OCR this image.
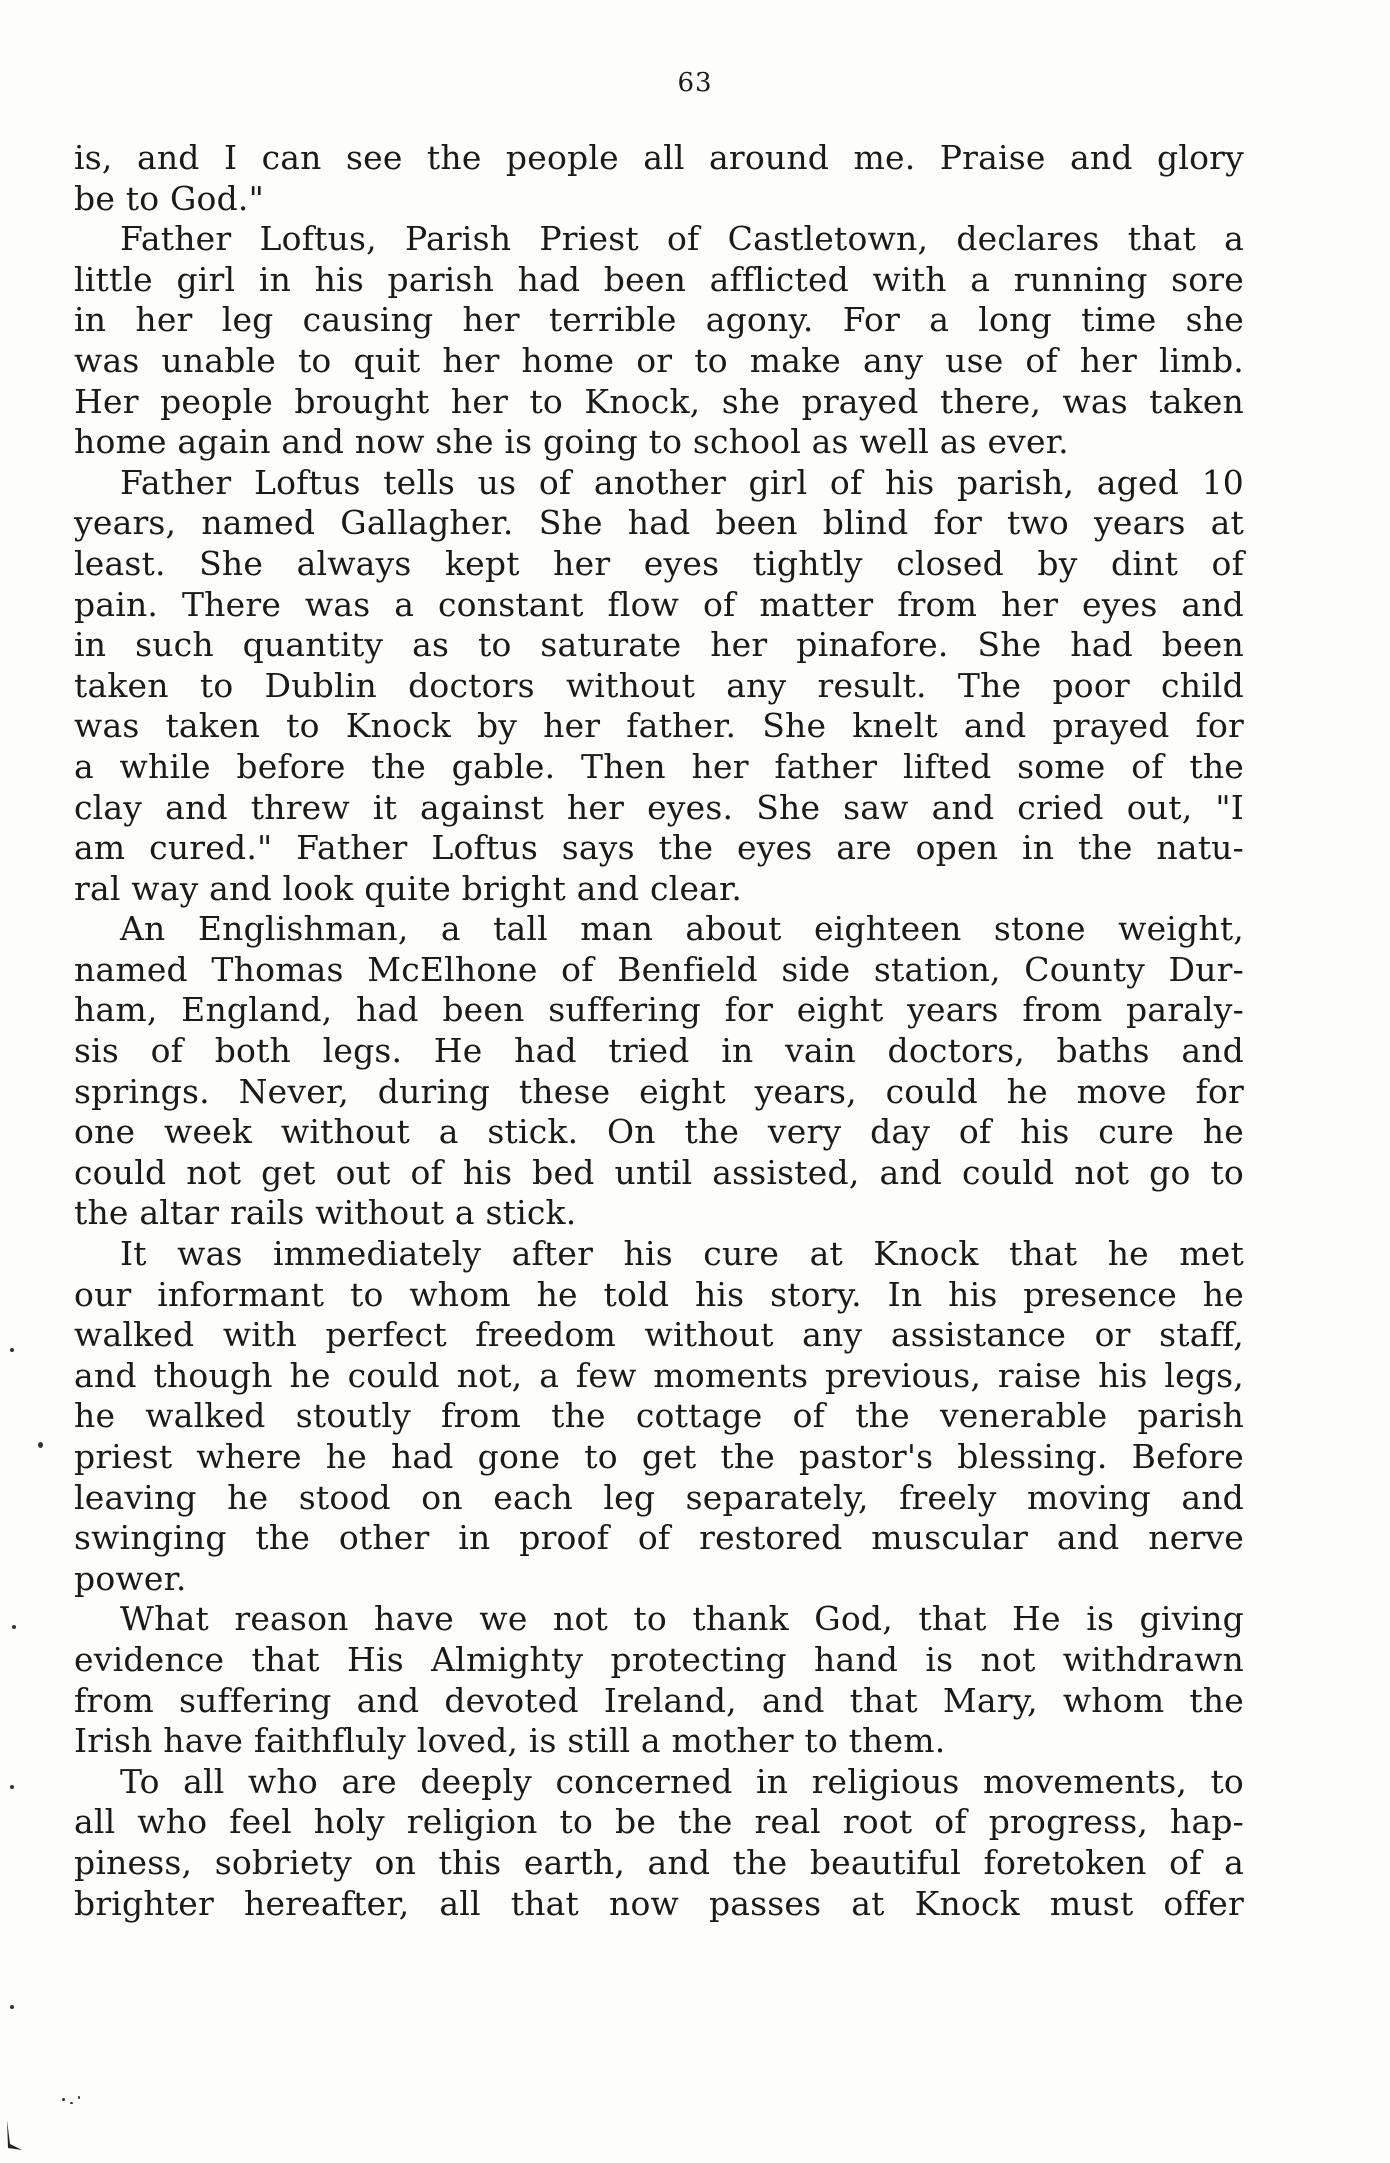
63
is, and I can see the people all around me. Praise and glory
be to God."
Father Loftus, Parish Priest of Castletown, declares that a
little girl in his parish had been afflicted with a running sore
in her leg causing her terrible agony. For a long time she
was unable to quit her home or to make any use of her limb.
Her people brought her to Knock, she prayed there, was taken
home again and now she is going to school as well as ever.
Father Loftus tells us of another girl of his parish, aged 10
years, named Gallagher. She had been blind for two years at
least. She always kept her eyes tightly closed by dint of
pain. There was a constant flow of matter from her eyes and
in such quantity as to saturate her pinafore. She had been
taken to Dublin doctors without any result. The poor child
was taken to Knock by her father. She knelt and prayed for
a while before the gable. Then her father lifted some of the
clay and threw it against her eyes. She saw and cried out, "I
am cured." Father Loftus says the eyes are open in the natu-
ral way and look quite bright and clear.
An Englishman, a tall man about eighteen stone weight,
named Thomas McElhone of Benfield side station, County Dur-
ham, England, had been suffering for eight years from paraly-
sis of both legs. He had tried in vain doctors, baths and
springs. Never, during these eight years, could he move for
one week without a stick. On the very day of his cure he
could not get out of his bed until assisted, and could not go to
the altar rails without a stick.
It was immediately after his cure at Knock that he met
our informant to whom he told his story. In his presence he
walked with perfect freedom without any assistance or staff,
and though he could not, a few moments previous, raise his legs,
he walked stoutly from the cottage of the venerable parish
priest where he had gone to get the pastor's blessing. Before
leaving he stood on each leg separately, freely moving and
swinging the other in proof of restored muscular and nerve
power.
What reason have we not to thank God, that He is giving
evidence that His Almighty protecting hand is not withdrawn
from suffering and devoted Ireland, and that Mary, whom the
Irish have faithfluly loved, is still a mother to them.
To all who are deeply concerned in religious movements, to
all who feel holy religion to be the real root of progress, hap-
piness, sobriety on this earth, and the beautiful foretoken of a
brighter hereafter, all that now passes at Knock must offer
